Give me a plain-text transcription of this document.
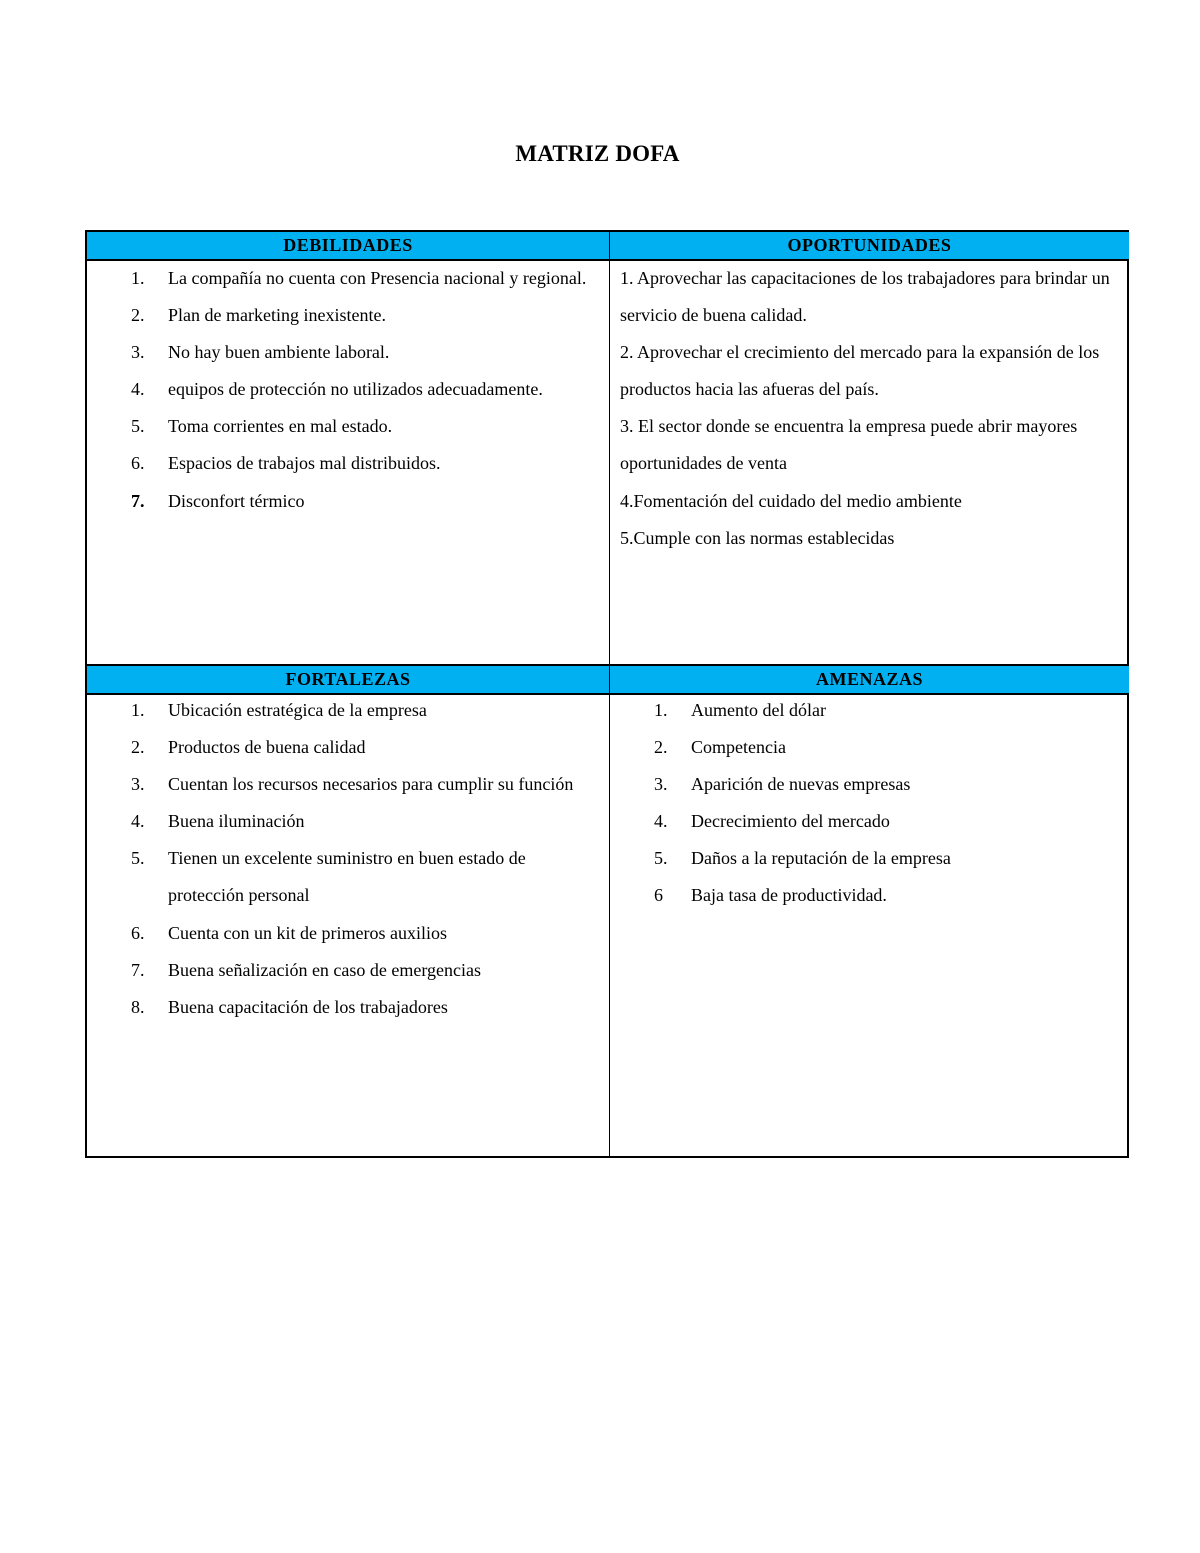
MATRIZ DOFA
DEBILIDADES	OPORTUNIDADES
1. La compañía no cuenta con Presencia nacional y regional.
2. Plan de marketing inexistente.
3. No hay buen ambiente laboral.
4. equipos de protección no utilizados adecuadamente.
5. Toma corrientes en mal estado.
6. Espacios de trabajos mal distribuidos.
7. Disconfort térmico

1. Aprovechar las capacitaciones de los trabajadores para brindar un servicio de buena calidad.

2. Aprovechar el crecimiento del mercado para la expansión de los productos hacia las afueras del país.

3. El sector donde se encuentra la empresa puede abrir mayores oportunidades de venta

4.Fomentación del cuidado del medio ambiente

5.Cumple con las normas establecidas

FORTALEZAS	AMENAZAS
1. Ubicación estratégica de la empresa
2. Productos de buena calidad
3. Cuentan los recursos necesarios para cumplir su función
4. Buena iluminación
5. Tienen un excelente suministro en buen estado de protección personal
6. Cuenta con un kit de primeros auxilios
7. Buena señalización en caso de emergencias
8. Buena capacitación de los trabajadores
1. Aumento del dólar
2. Competencia
3. Aparición de nuevas empresas
4. Decrecimiento del mercado
5. Daños a la reputación de la empresa
6 Baja tasa de productividad.
